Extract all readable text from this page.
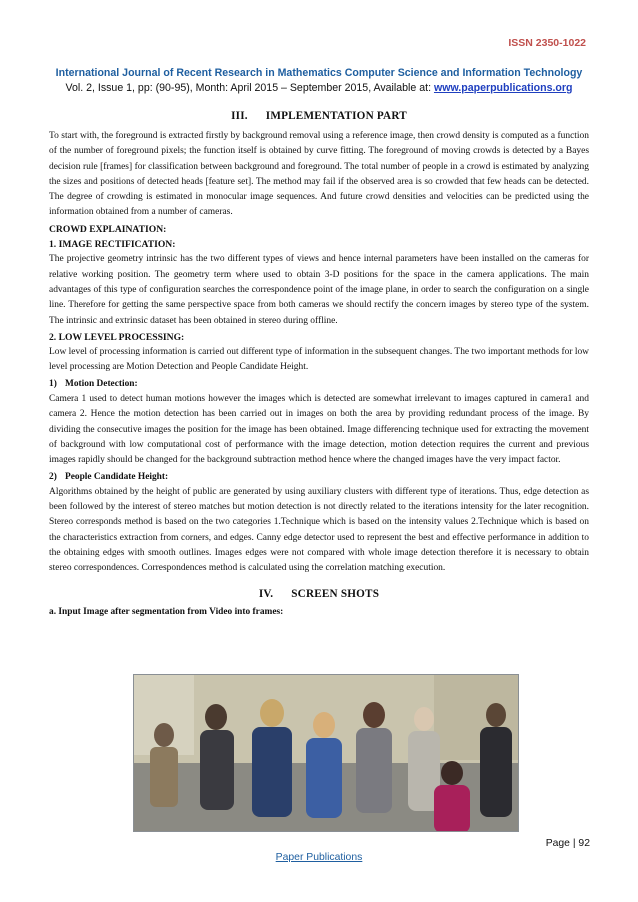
ISSN 2350-1022
International Journal of Recent Research in Mathematics Computer Science and Information Technology
Vol. 2, Issue 1, pp: (90-95), Month: April 2015 – September 2015, Available at: www.paperpublications.org
III. IMPLEMENTATION PART

To start with, the foreground is extracted firstly by background removal using a reference image, then crowd density is computed as a function of the number of foreground pixels; the function itself is obtained by curve fitting. The foreground of moving crowds is detected by a Bayes decision rule [frames] for classification between background and foreground. The total number of people in a crowd is estimated by analyzing the sizes and positions of detected heads [feature set]. The method may fail if the observed area is so crowded that few heads can be detected. The degree of crowding is estimated in monocular image sequences. And future crowd densities and velocities can be predicted using the information obtained from a number of cameras.

CROWD EXPLAINATION:
1. IMAGE RECTIFICATION:

The projective geometry intrinsic has the two different types of views and hence internal parameters have been installed on the cameras for relative working position. The geometry term where used to obtain 3-D positions for the space in the camera applications. The main advantages of this type of configuration searches the correspondence point of the image plane, in order to search the configuration on a single line. Therefore for getting the same perspective space from both cameras we should rectify the concern images by stereo type of the system. The intrinsic and extrinsic dataset has been obtained in stereo during offline.

2. LOW LEVEL PROCESSING:

Low level of processing information is carried out different type of information in the subsequent changes. The two important methods for low level processing are Motion Detection and People Candidate Height.

1) Motion Detection:

Camera 1 used to detect human motions however the images which is detected are somewhat irrelevant to images captured in camera1 and camera 2. Hence the motion detection has been carried out in images on both the area by providing redundant process of the image. By dividing the consecutive images the position for the image has been obtained. Image differencing technique used for extracting the movement of background with low computational cost of performance with the image detection, motion detection requires the current and previous images rapidly should be changed for the background subtraction method hence where the changed images have the very impact factor.

2) People Candidate Height:

Algorithms obtained by the height of public are generated by using auxiliary clusters with different type of iterations. Thus, edge detection as been followed by the interest of stereo matches but motion detection is not directly related to the iterations intensity for the later recognition. Stereo corresponds method is based on the two categories 1.Technique which is based on the intensity values 2.Technique which is based on the characteristics extraction from corners, and edges. Canny edge detector used to represent the best and effective performance in addition to the obtaining edges with smooth outlines. Images edges were not compared with whole image detection therefore it is necessary to obtain stereo correspondences. Correspondences method is calculated using the correlation matching execution.

IV. SCREEN SHOTS
a. Input Image after segmentation from Video into frames:
Page | 92
Paper Publications
